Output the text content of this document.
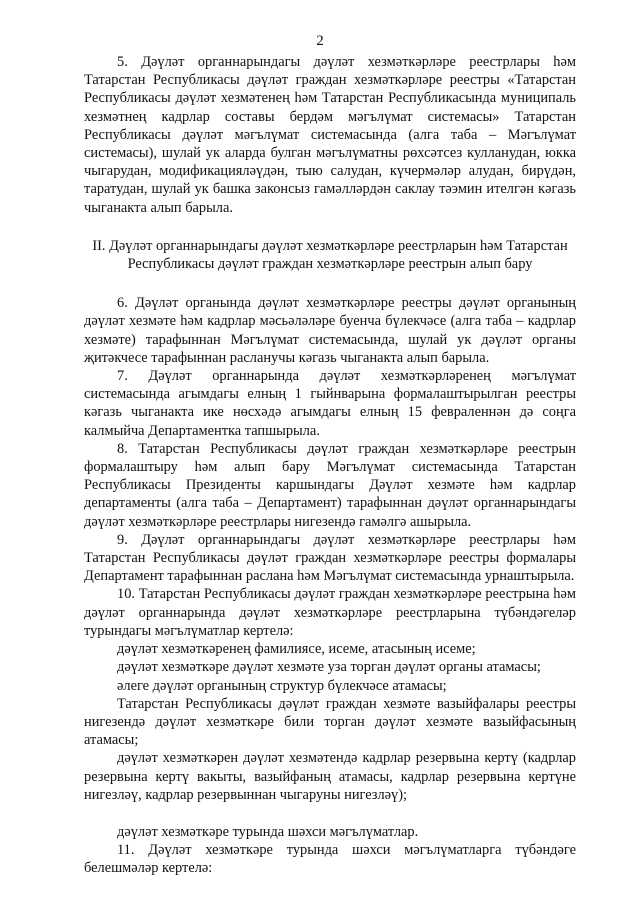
2

5. Дәүләт органнарындагы дәүләт хезмәткәрләре реестрлары һәм Татарстан Республикасы дәүләт граждан хезмәткәрләре реестры «Татарстан Республикасы дәүләт хезмәтенең һәм Татарстан Республикасында муниципаль хезмәтнең кадрлар составы бердәм мәгълүмат системасы» Татарстан Республикасы дәүләт мәгълүмат системасында (алга таба – Мәгълүмат системасы), шулай ук аларда булган мәгълүматны рөхсәтсез кулланудан, юкка чыгарудан, модификацияләүдән, тыю салудан, күчермәләр алудан, бирүдән, таратудан, шулай ук башка законсыз гамәлләрдән саклау тәэмин ителгән кәгазь чыганакта алып барыла.

II. Дәүләт органнарындагы дәүләт хезмәткәрләре реестрларын һәм Татарстан Республикасы дәүләт граждан хезмәткәрләре реестрын алып бару

6. Дәүләт органында дәүләт хезмәткәрләре реестры дәүләт органының дәүләт хезмәте һәм кадрлар мәсьәләләре буенча бүлекчәсе (алга таба – кадрлар хезмәте) тарафыннан Мәгълүмат системасында, шулай ук дәүләт органы җитәкчесе тарафыннан расланучы кәгазь чыганакта алып барыла.

7. Дәүләт органнарында дәүләт хезмәткәрләренең мәгълүмат системасында агымдагы елның 1 гыйнварына формалаштырылган реестры кәгазь чыганакта ике нөсхәдә агымдагы елның 15 февраленнән дә соңга калмыйча Департаментка тапшырыла.

8. Татарстан Республикасы дәүләт граждан хезмәткәрләре реестрын формалаштыру һәм алып бару Мәгълүмат системасында Татарстан Республикасы Президенты каршындагы Дәүләт хезмәте һәм кадрлар департаменты (алга таба – Департамент) тарафыннан дәүләт органнарындагы дәүләт хезмәткәрләре реестрлары нигезендә гамәлгә ашырыла.

9. Дәүләт органнарындагы дәүләт хезмәткәрләре реестрлары һәм Татарстан Республикасы дәүләт граждан хезмәткәрләре реестры формалары Департамент тарафыннан раслана һәм Мәгълүмат системасында урнаштырыла.

10. Татарстан Республикасы дәүләт граждан хезмәткәрләре реестрына һәм дәүләт органнарында дәүләт хезмәткәрләре реестрларына түбәндәгеләр турындагы мәгълүматлар кертелә:

дәүләт хезмәткәренең фамилиясе, исеме, атасының исеме;

дәүләт хезмәткәре дәүләт хезмәте уза торган дәүләт органы атамасы;

әлеге дәүләт органының структур бүлекчәсе атамасы;

Татарстан Республикасы дәүләт граждан хезмәте вазыйфалары реестры нигезендә дәүләт хезмәткәре били торган дәүләт хезмәте вазыйфасының атамасы;

дәүләт хезмәткәрен дәүләт хезмәтендә кадрлар резервына кертү (кадрлар резервына кертү вакыты, вазыйфаның атамасы, кадрлар резервына кертүне нигезләү, кадрлар резервыннан чыгаруны нигезләү);

дәүләт хезмәткәре турында шәхси мәгълүматлар.

11. Дәүләт хезмәткәре турында шәхси мәгълүматларга түбәндәге белешмәләр кертелә:
